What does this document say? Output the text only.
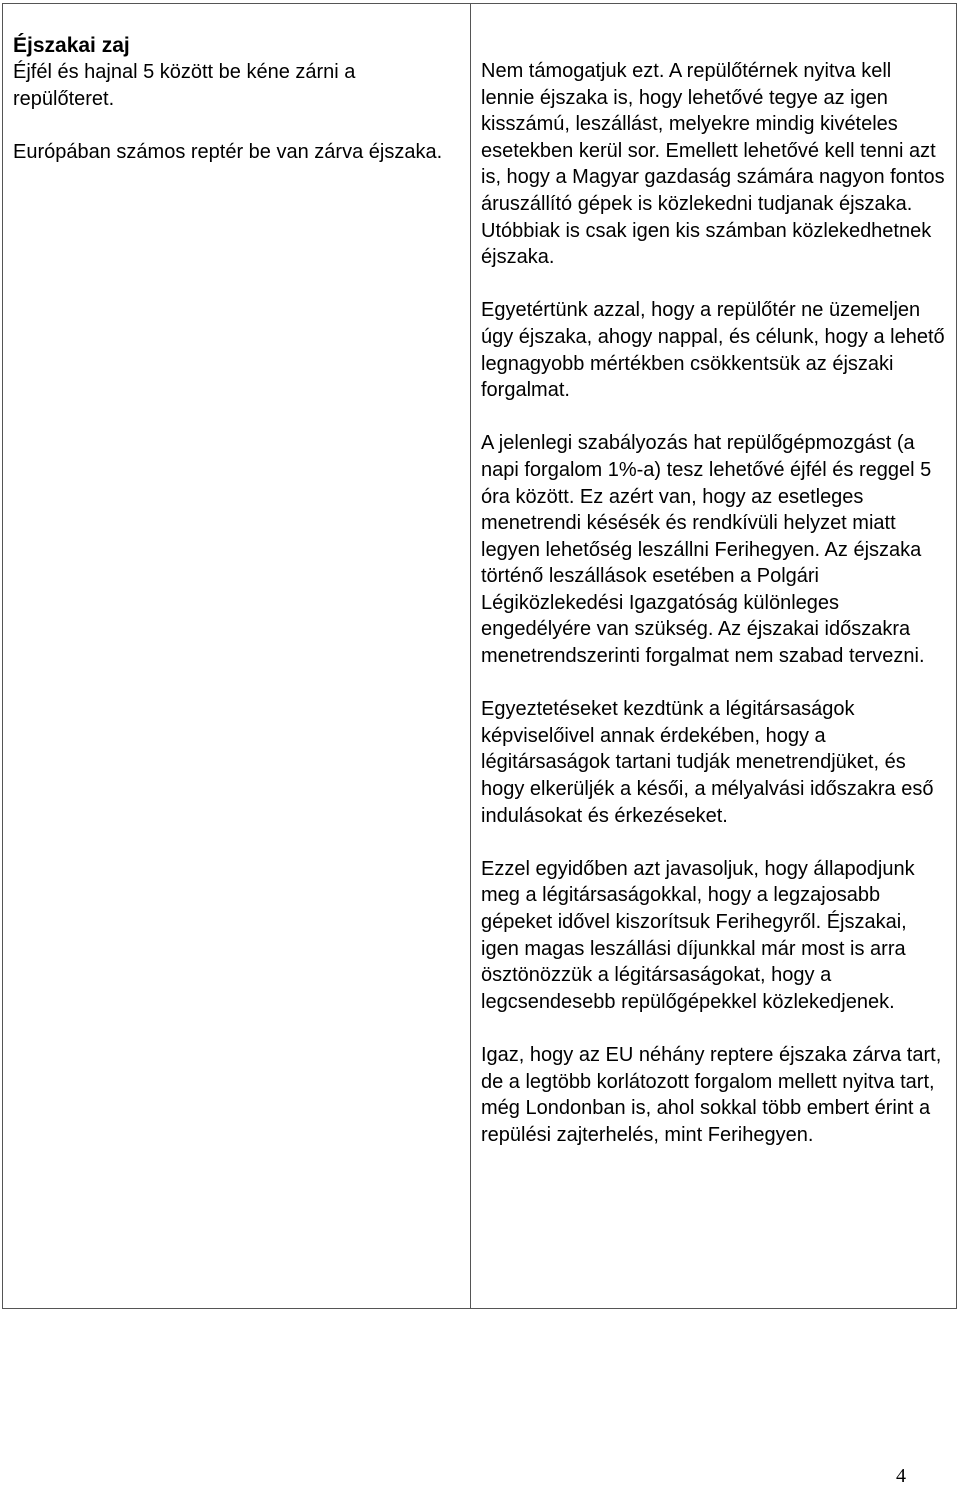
Éjszakai zaj

Éjfél és hajnal 5 között be kéne zárni a repülőteret.

Európában számos reptér be van zárva éjszaka.

Nem támogatjuk ezt. A repülőtérnek nyitva kell lennie éjszaka is, hogy lehetővé tegye az igen kisszámú, leszállást, melyekre mindig kivételes esetekben kerül sor. Emellett lehetővé kell tenni azt is, hogy a Magyar gazdaság számára nagyon fontos áruszállító gépek is közlekedni tudjanak éjszaka. Utóbbiak is csak igen kis számban közlekedhetnek éjszaka.

Egyetértünk azzal, hogy a repülőtér ne üzemeljen úgy éjszaka, ahogy nappal, és célunk, hogy a lehető legnagyobb mértékben csökkentsük az éjszaki forgalmat.

A jelenlegi szabályozás hat repülőgépmozgást (a napi forgalom 1%-a) tesz lehetővé éjfél és reggel 5 óra között. Ez azért van, hogy az esetleges menetrendi késésék és rendkívüli helyzet miatt legyen lehetőség leszállni Ferihegyen. Az éjszaka történő leszállások esetében a Polgári Légiközlekedési Igazgatóság különleges engedélyére van szükség. Az éjszakai időszakra menetrendszerinti forgalmat nem szabad tervezni.

Egyeztetéseket kezdtünk a légitársaságok képviselőivel annak érdekében, hogy a légitársaságok tartani tudják menetrendjüket, és hogy elkerüljék a késői, a mélyalvási időszakra eső indulásokat és érkezéseket.

Ezzel egyidőben azt javasoljuk, hogy állapodjunk meg a légitársaságokkal, hogy a legzajosabb gépeket idővel kiszorítsuk Ferihegyről. Éjszakai, igen magas leszállási díjunkkal már most is arra ösztönözzük a légitársaságokat, hogy a legcsendesebb repülőgépekkel közlekedjenek.

Igaz, hogy az EU néhány reptere éjszaka zárva tart, de a legtöbb korlátozott forgalom mellett nyitva tart, még Londonban is, ahol sokkal több embert érint a repülési zajterhelés, mint Ferihegyen.

4
